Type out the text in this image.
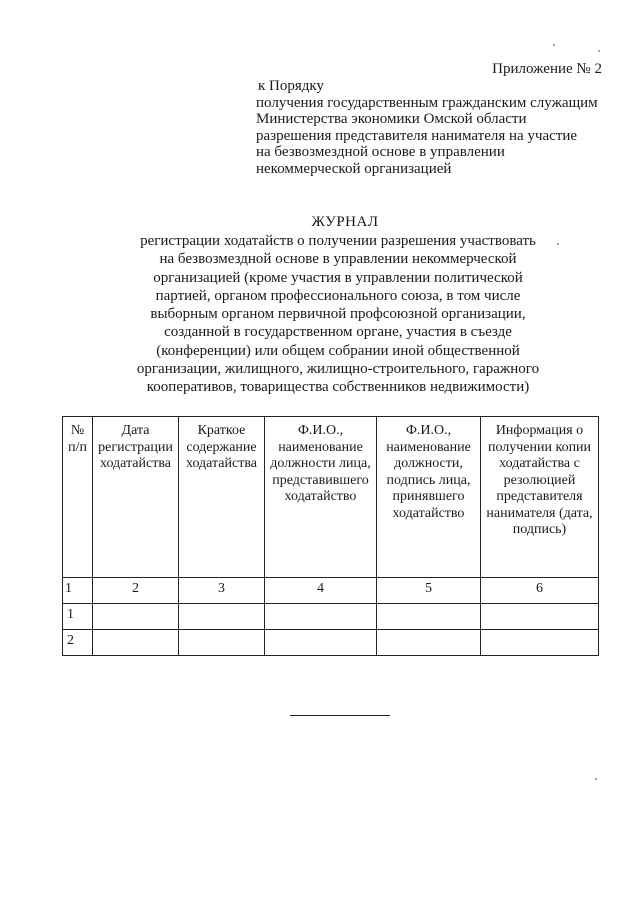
Приложение № 2
к Порядку
получения государственным гражданским служащим
Министерства экономики Омской области
разрешения представителя нанимателя на участие
на безвозмездной основе в управлении
некоммерческой организацией
ЖУРНАЛ
регистрации ходатайств о получении разрешения участвовать
на безвозмездной основе в управлении некоммерческой
организацией (кроме участия в управлении политической
партией, органом профессионального союза, в том числе
выборным органом первичной профсоюзной организации,
созданной в государственном органе, участия в съезде
(конференции) или общем собрании иной общественной
организации, жилищного, жилищно-строительного, гаражного
кооперативов, товарищества собственников недвижимости)
№ п/п	Дата регистрации ходатайства	Краткое содержание ходатайства	Ф.И.О., наименование должности лица, представившего ходатайство	Ф.И.О., наименование должности, подпись лица, принявшего ходатайство	Информация о получении копии ходатайства с резолюцией представителя нанимателя (дата, подпись)
1	2	3	4	5	6
1					
2					
